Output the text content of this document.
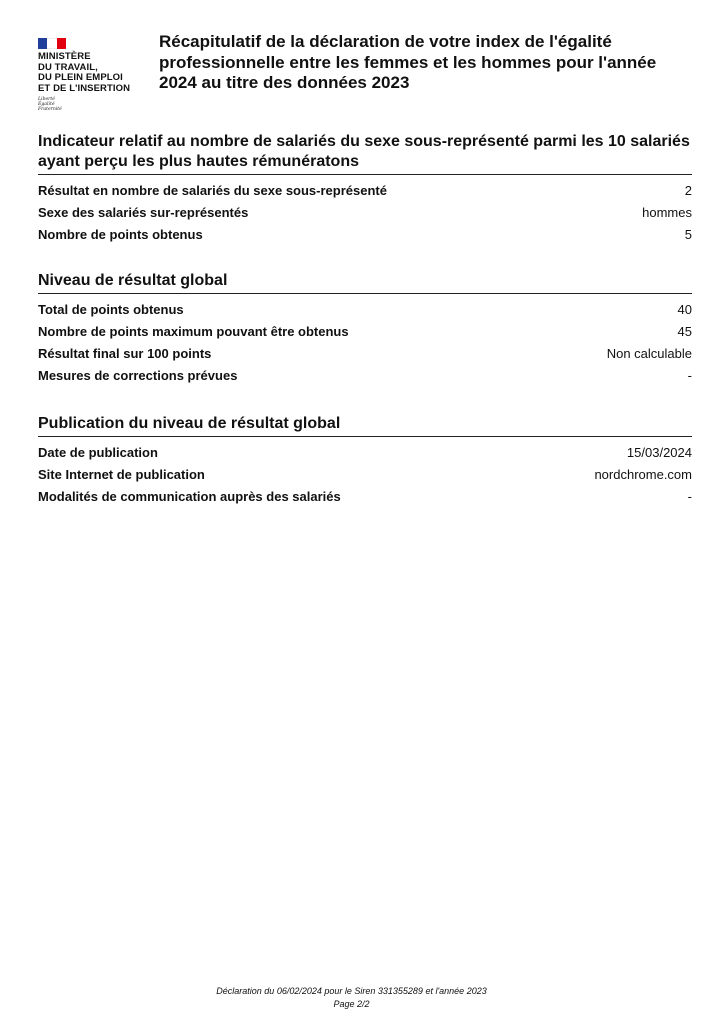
MINISTÈRE
DU TRAVAIL,
DU PLEIN EMPLOI
ET DE L'INSERTION
Liberté
Égalité
Fraternité
Récapitulatif de la déclaration de votre index de l'égalité professionnelle entre les femmes et les hommes pour l'année 2024 au titre des données 2023
Indicateur relatif au nombre de salariés du sexe sous-représenté parmi les 10 salariés ayant perçu les plus hautes rémunératons
Résultat en nombre de salariés du sexe sous-représenté	2
Sexe des salariés sur-représentés	hommes
Nombre de points obtenus	5
Niveau de résultat global
Total de points obtenus	40
Nombre de points maximum pouvant être obtenus	45
Résultat final sur 100 points	Non calculable
Mesures de corrections prévues	-
Publication du niveau de résultat global
Date de publication	15/03/2024
Site Internet de publication	nordchrome.com
Modalités de communication auprès des salariés	-
Déclaration du 06/02/2024 pour le Siren 331355289 et l'année 2023
Page 2/2
